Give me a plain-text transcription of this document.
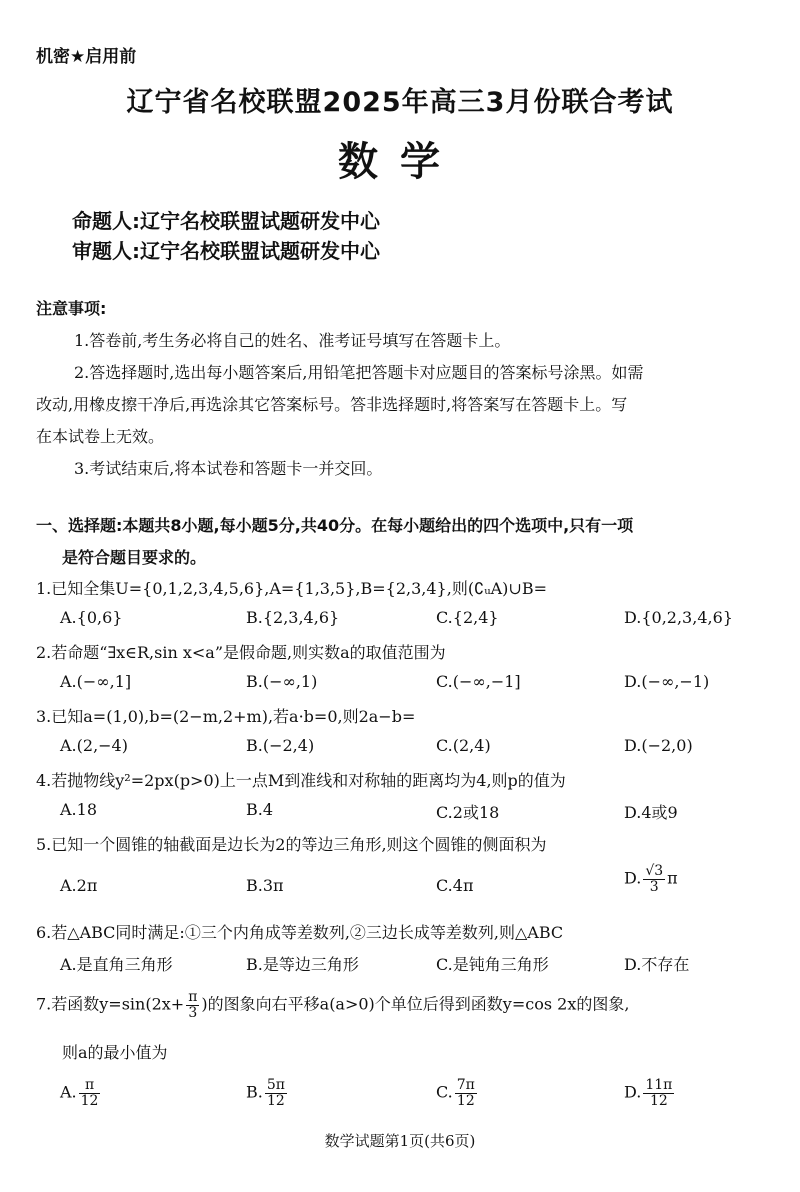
机密★启用前
辽宁省名校联盟2025年高三3月份联合考试
数学
命题人:辽宁名校联盟试题研发中心
审题人:辽宁名校联盟试题研发中心
注意事项:
1.答卷前,考生务必将自己的姓名、准考证号填写在答题卡上。
2.答选择题时,选出每小题答案后,用铅笔把答题卡对应题目的答案标号涂黑。如需
改动,用橡皮擦干净后,再选涂其它答案标号。答非选择题时,将答案写在答题卡上。写
在本试卷上无效。
3.考试结束后,将本试卷和答题卡一并交回。
一、选择题:本题共8小题,每小题5分,共40分。在每小题给出的四个选项中,只有一项
是符合题目要求的。
1.已知全集U={0,1,2,3,4,5,6},A={1,3,5},B={2,3,4},则(∁ᵤA)∪B=
A.{0,6}	B.{2,3,4,6}	C.{2,4}	D.{0,2,3,4,6}
2.若命题“∃x∈R,sin x<a”是假命题,则实数a的取值范围为
A.(−∞,1]	B.(−∞,1)	C.(−∞,−1]	D.(−∞,−1)
3.已知a=(1,0),b=(2−m,2+m),若a·b=0,则2a−b=
A.(2,−4)	B.(−2,4)	C.(2,4)	D.(−2,0)
4.若抛物线y²=2px(p>0)上一点M到准线和对称轴的距离均为4,则p的值为
A.18	B.4	C.2或18	D.4或9
5.已知一个圆锥的轴截面是边长为2的等边三角形,则这个圆锥的侧面积为
A.2π	B.3π	C.4π	D. $\frac{√3}{3}$ π
6.若△ABC同时满足:①三个内角成等差数列,②三边长成等差数列,则△ABC
A.是直角三角形	B.是等边三角形	C.是钝角三角形	D.不存在
7.若函数$y=\sin(2x+ \frac{\pi}{3}$ )的图象向右平移a(a>0)个单位后得到函数y=cos 2x的图象,
则a的最小值为
A. $\frac{\pi}{12}$	B. $\frac{5\pi}{12}$	C. $\frac{7\pi}{12}$	D. $\frac{11\pi}{12}$
数学试题第1页(共6页)
